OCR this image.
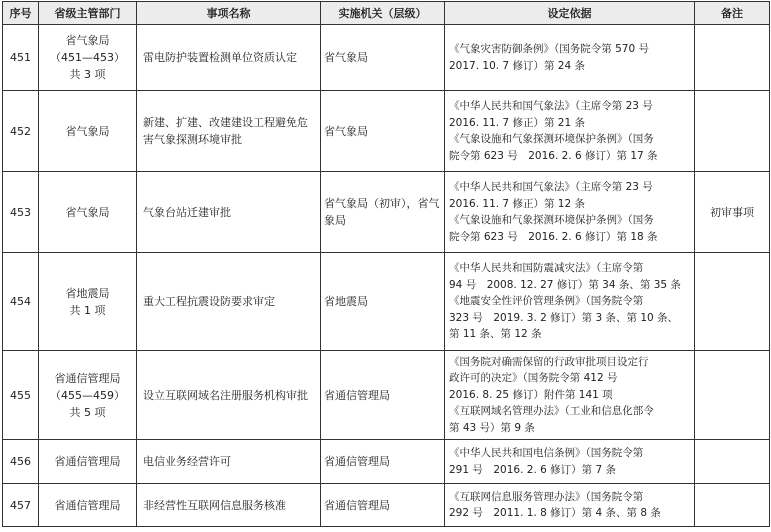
序号	省级主管部门	事项名称	实施机关（层级）	设定依据	备注
451	省气象局
（451—453）
共 3 项	雷电防护装置检测单位资质认定	省气象局	《气象灾害防御条例》（国务院令第 570 号
2017. 10. 7 修订）第 24 条	

452	省气象局	新建、扩建、改建建设工程避免危害气象探测环境审批	省气象局	《中华人民共和国气象法》（主席令第 23 号
2016. 11. 7 修正）第 21 条
《气象设施和气象探测环境保护条例》（国务
院令第 623 号　2016. 2. 6 修订）第 17 条	

453	省气象局	气象台站迁建审批	省气象局（初审），省气象局	《中华人民共和国气象法》（主席令第 23 号
2016. 11. 7 修正）第 12 条
《气象设施和气象探测环境保护条例》（国务
院令第 623 号　2016. 2. 6 修订）第 18 条	初审事项
454	省地震局
共 1 项	重大工程抗震设防要求审定	省地震局	《中华人民共和国防震减灾法》（主席令第
94 号　2008. 12. 27 修订）第 34 条、第 35 条
《地震安全性评价管理条例》（国务院令第
323 号　2019. 3. 2 修订）第 3 条、第 10 条、
第 11 条、第 12 条	

455	省通信管理局
（455—459）
共 5 项	设立互联网域名注册服务机构审批	省通信管理局	《国务院对确需保留的行政审批项目设定行
政许可的决定》（国务院令第 412 号
2016. 8. 25 修订）附件第 141 项
《互联网域名管理办法》（工业和信息化部令
第 43 号）第 9 条	

456	省通信管理局	电信业务经营许可	省通信管理局	《中华人民共和国电信条例》（国务院令第
291 号　2016. 2. 6 修订）第 7 条	

457	省通信管理局	非经营性互联网信息服务核准	省通信管理局	《互联网信息服务管理办法》（国务院令第
292 号　2011. 1. 8 修订）第 4 条、第 8 条	
